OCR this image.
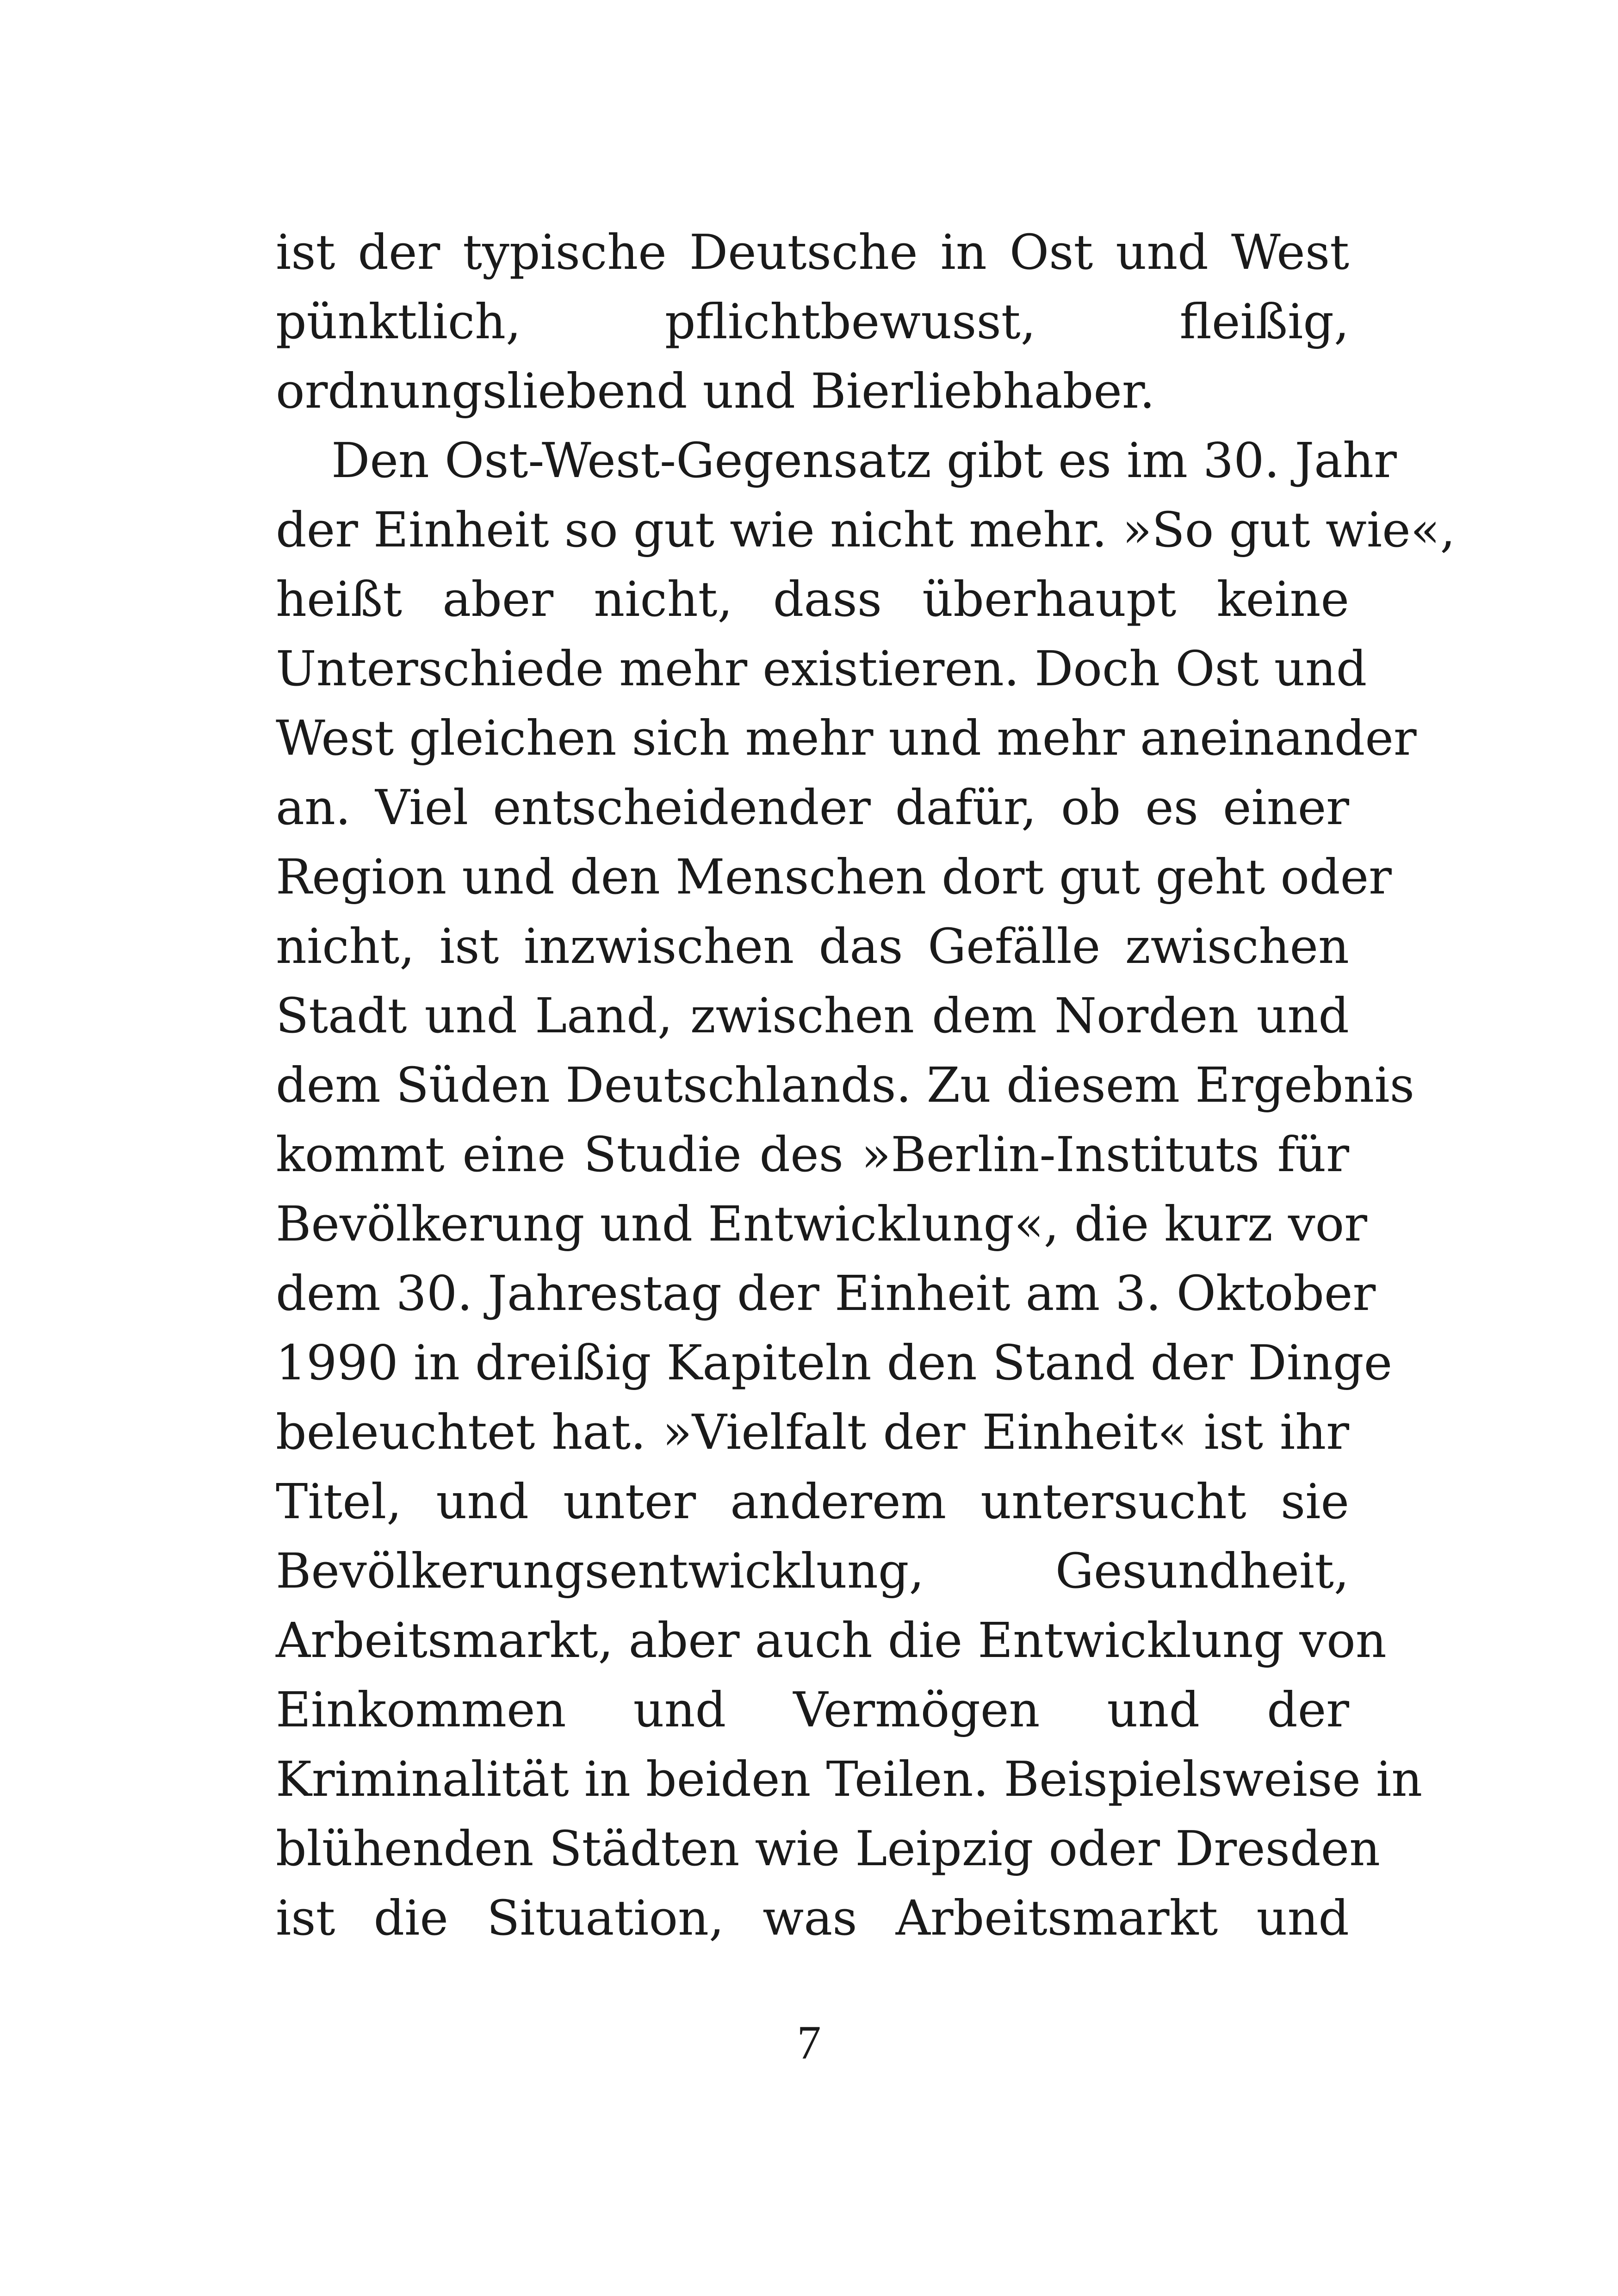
ist der typische Deutsche in Ost und West
pünktlich, pflichtbewusst, fleißig,
ordnungsliebend und Bierliebhaber.
Den Ost-West-Gegensatz gibt es im 30. Jahr
der Einheit so gut wie nicht mehr. »So gut wie«,
heißt aber nicht, dass überhaupt keine
Unterschiede mehr existieren. Doch Ost und
West gleichen sich mehr und mehr aneinander
an. Viel entscheidender dafür, ob es einer
Region und den Menschen dort gut geht oder
nicht, ist inzwischen das Gefälle zwischen
Stadt und Land, zwischen dem Norden und
dem Süden Deutschlands. Zu diesem Ergebnis
kommt eine Studie des »Berlin-Instituts für
Bevölkerung und Entwicklung«, die kurz vor
dem 30. Jahrestag der Einheit am 3. Oktober
1990 in dreißig Kapiteln den Stand der Dinge
beleuchtet hat. »Vielfalt der Einheit« ist ihr
Titel, und unter anderem untersucht sie
Bevölkerungsentwicklung, Gesundheit,
Arbeitsmarkt, aber auch die Entwicklung von
Einkommen und Vermögen und der
Kriminalität in beiden Teilen. Beispielsweise in
blühenden Städten wie Leipzig oder Dresden
ist die Situation, was Arbeitsmarkt und
7
